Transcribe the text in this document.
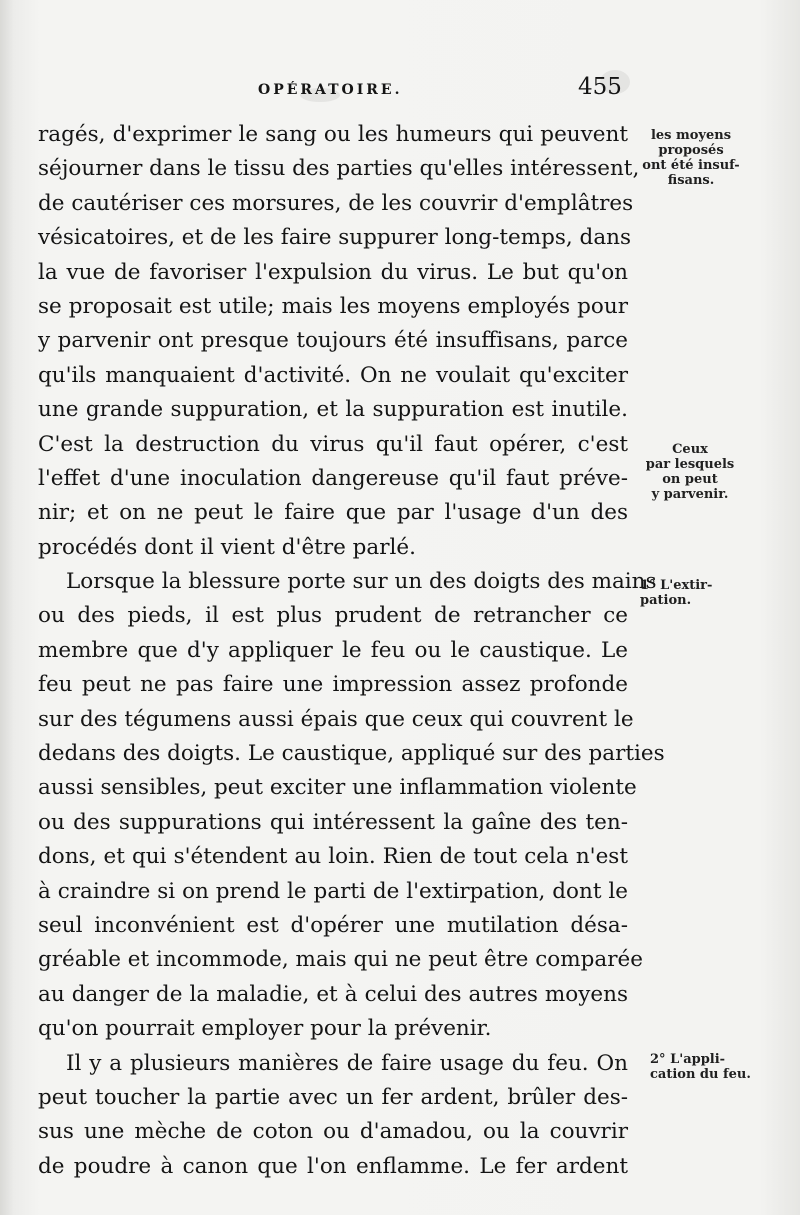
OPÉRATOIRE.	455
ragés, d'exprimer le sang ou les humeurs qui peuvent
séjourner dans le tissu des parties qu'elles intéressent,
de cautériser ces morsures, de les couvrir d'emplâtres
vésicatoires, et de les faire suppurer long-temps, dans
la vue de favoriser l'expulsion du virus. Le but qu'on
se proposait est utile; mais les moyens employés pour
y parvenir ont presque toujours été insuffisans, parce
qu'ils manquaient d'activité. On ne voulait qu'exciter
une grande suppuration, et la suppuration est inutile.
C'est la destruction du virus qu'il faut opérer, c'est
l'effet d'une inoculation dangereuse qu'il faut préve-
nir; et on ne peut le faire que par l'usage d'un des
procédés dont il vient d'être parlé.
Lorsque la blessure porte sur un des doigts des mains
ou des pieds, il est plus prudent de retrancher ce
membre que d'y appliquer le feu ou le caustique. Le
feu peut ne pas faire une impression assez profonde
sur des tégumens aussi épais que ceux qui couvrent le
dedans des doigts. Le caustique, appliqué sur des parties
aussi sensibles, peut exciter une inflammation violente
ou des suppurations qui intéressent la gaîne des ten-
dons, et qui s'étendent au loin. Rien de tout cela n'est
à craindre si on prend le parti de l'extirpation, dont le
seul inconvénient est d'opérer une mutilation désa-
gréable et incommode, mais qui ne peut être comparée
au danger de la maladie, et à celui des autres moyens
qu'on pourrait employer pour la prévenir.
Il y a plusieurs manières de faire usage du feu. On
peut toucher la partie avec un fer ardent, brûler des-
sus une mèche de coton ou d'amadou, ou la couvrir
de poudre à canon que l'on enflamme. Le fer ardent
les moyens
proposés
ont été insuf-
fisans.
Ceux
par lesquels
on peut
y parvenir.
1° L'extir-
pation.
2° L'appli-
cation du feu.
